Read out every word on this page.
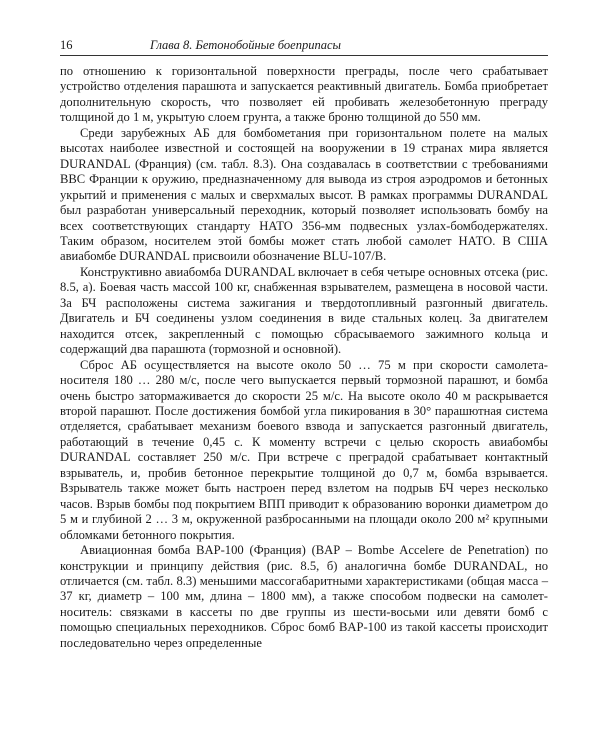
16	Глава 8. Бетонобойные боеприпасы

по отношению к горизонтальной поверхности преграды, после чего срабатывает устройство отделения парашюта и запускается реактивный двигатель. Бомба приобретает дополнительную скорость, что позволяет ей пробивать железобетонную преграду толщиной до 1 м, укрытую слоем грунта, а также броню толщиной до 550 мм.

Среди зарубежных АБ для бомбометания при горизонтальном полете на малых высотах наиболее известной и состоящей на вооружении в 19 странах мира является DURANDAL (Франция) (см. табл. 8.3). Она создавалась в соответствии с требованиями ВВС Франции к оружию, предназначенному для вывода из строя аэродромов и бетонных укрытий и применения с малых и сверхмалых высот. В рамках программы DURANDAL был разработан универсальный переходник, который позволяет использовать бомбу на всех соответствующих стандарту НАТО 356-мм подвесных узлах-бомбодержателях. Таким образом, носителем этой бомбы может стать любой самолет НАТО. В США авиабомбе DURANDAL присвоили обозначение BLU-107/B.

Конструктивно авиабомба DURANDAL включает в себя четыре основных отсека (рис. 8.5, а). Боевая часть массой 100 кг, снабженная взрывателем, размещена в носовой части. За БЧ расположены система зажигания и твердотопливный разгонный двигатель. Двигатель и БЧ соединены узлом соединения в виде стальных колец. За двигателем находится отсек, закрепленный с помощью сбрасываемого зажимного кольца и содержащий два парашюта (тормозной и основной).

Сброс АБ осуществляется на высоте около 50 … 75 м при скорости самолета-носителя 180 … 280 м/с, после чего выпускается первый тормозной парашют, и бомба очень быстро затормаживается до скорости 25 м/с. На высоте около 40 м раскрывается второй парашют. После достижения бомбой угла пикирования в 30° парашютная система отделяется, срабатывает механизм боевого взвода и запускается разгонный двигатель, работающий в течение 0,45 с. К моменту встречи с целью скорость авиабомбы DURANDAL составляет 250 м/с. При встрече с преградой срабатывает контактный взрыватель, и, пробив бетонное перекрытие толщиной до 0,7 м, бомба взрывается. Взрыватель также может быть настроен перед взлетом на подрыв БЧ через несколько часов. Взрыв бомбы под покрытием ВПП приводит к образованию воронки диаметром до 5 м и глубиной 2 … 3 м, окруженной разбросанными на площади около 200 м² крупными обломками бетонного покрытия.

Авиационная бомба BAP-100 (Франция) (BAP – Bombe Accelere de Penetration) по конструкции и принципу действия (рис. 8.5, б) аналогична бомбе DURANDAL, но отличается (см. табл. 8.3) меньшими массогабаритными характеристиками (общая масса – 37 кг, диаметр – 100 мм, длина – 1800 мм), а также способом подвески на самолет-носитель: связками в кассеты по две группы из шести-восьми или девяти бомб с помощью специальных переходников. Сброс бомб BAP-100 из такой кассеты происходит последовательно через определенные
